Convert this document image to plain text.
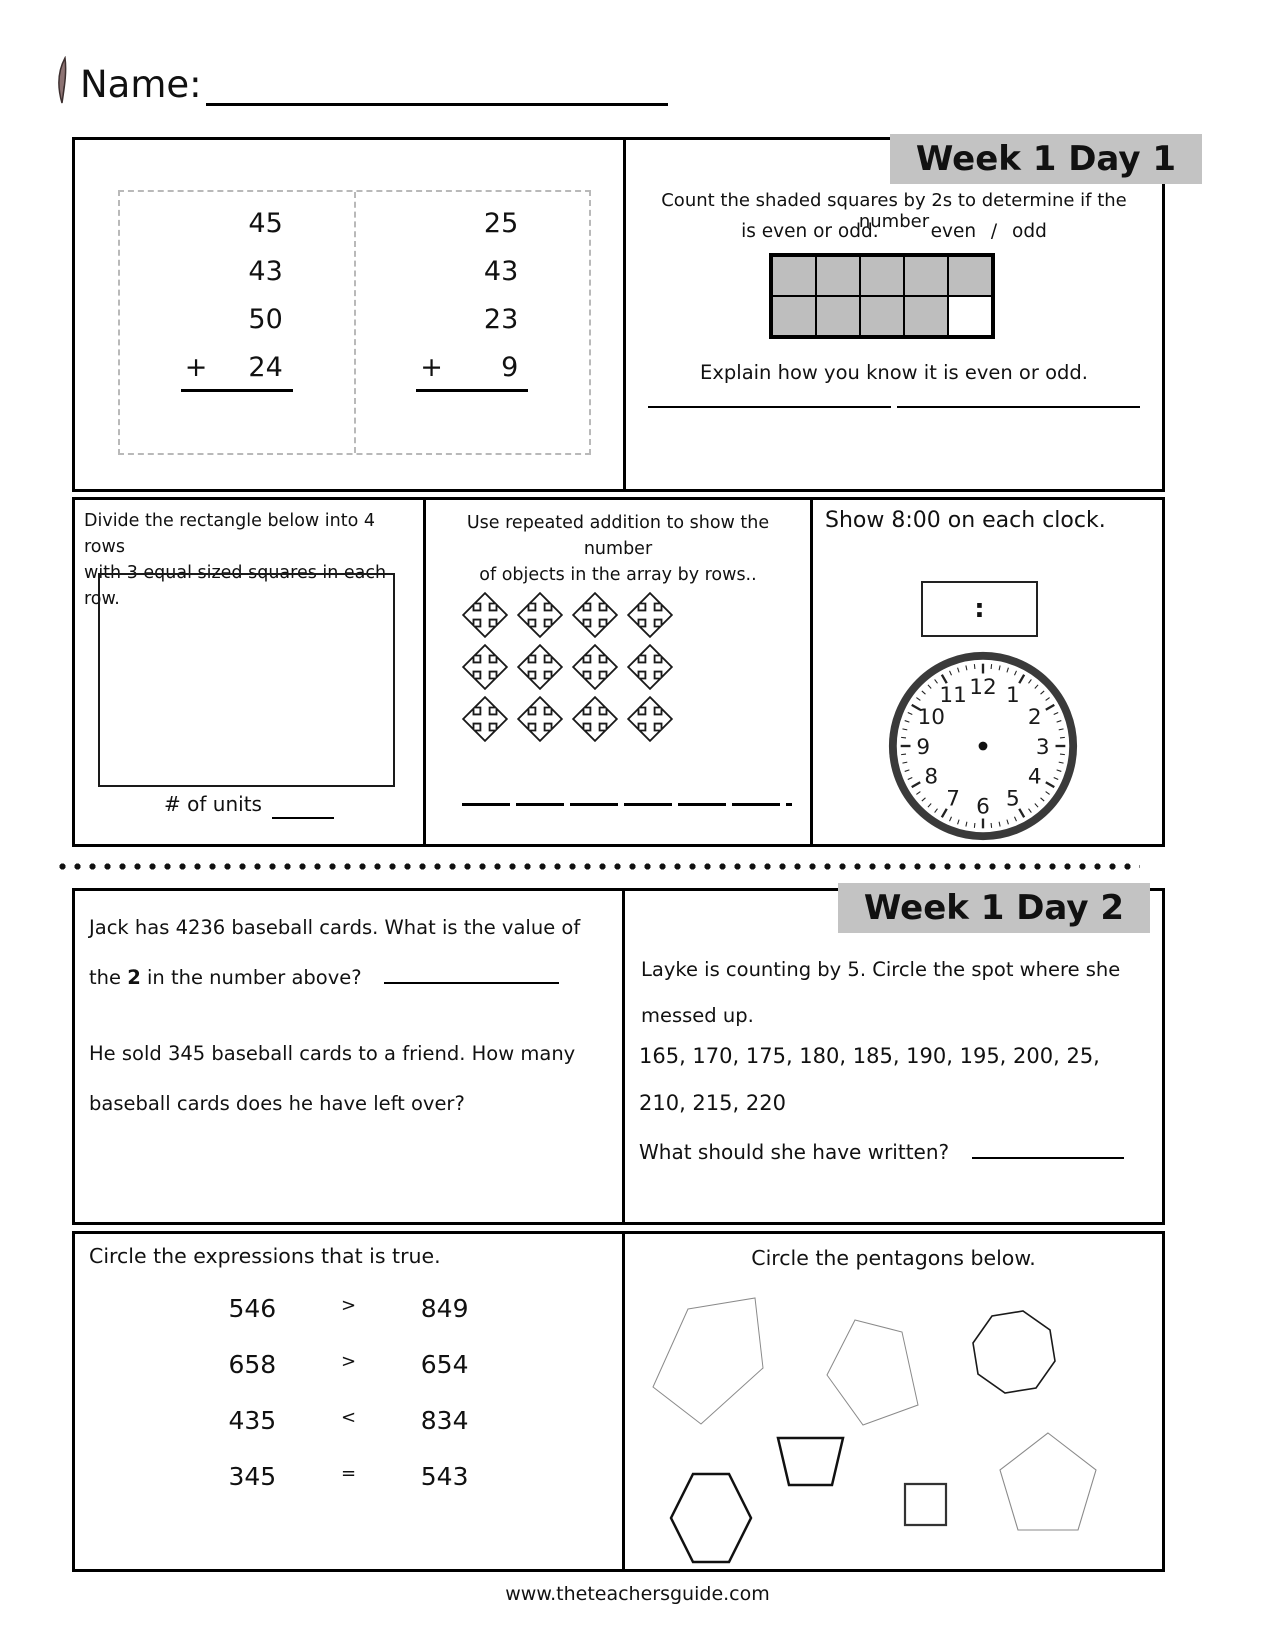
Name:
45
43
50
+ 24
25
43
23
+ 9
Week 1 Day 1
Count the shaded squares by 2s to determine if the number
is even or odd.	even / odd
Explain how you know it is even or odd.
Divide the rectangle below into 4 rows
with 3 equal sized squares in each row.
# of units
Use repeated addition to show the number
of objects in the array by rows..
Show 8:00 on each clock.
:
12 1
2
3
4
5
6
7
8
9
10
11
Jack has 4236 baseball cards. What is the value of
the 2 in the number above?
He sold 345 baseball cards to a friend. How many
baseball cards does he have left over?
Week 1 Day 2
Layke is counting by 5. Circle the spot where she
messed up.
165, 170, 175, 180, 185, 190, 195, 200, 25,
210, 215, 220
What should she have written?
Circle the expressions that is true.
546	>	849
658	>	654
435	<	834
345	=	543
Circle the pentagons below.
www.theteachersguide.com
